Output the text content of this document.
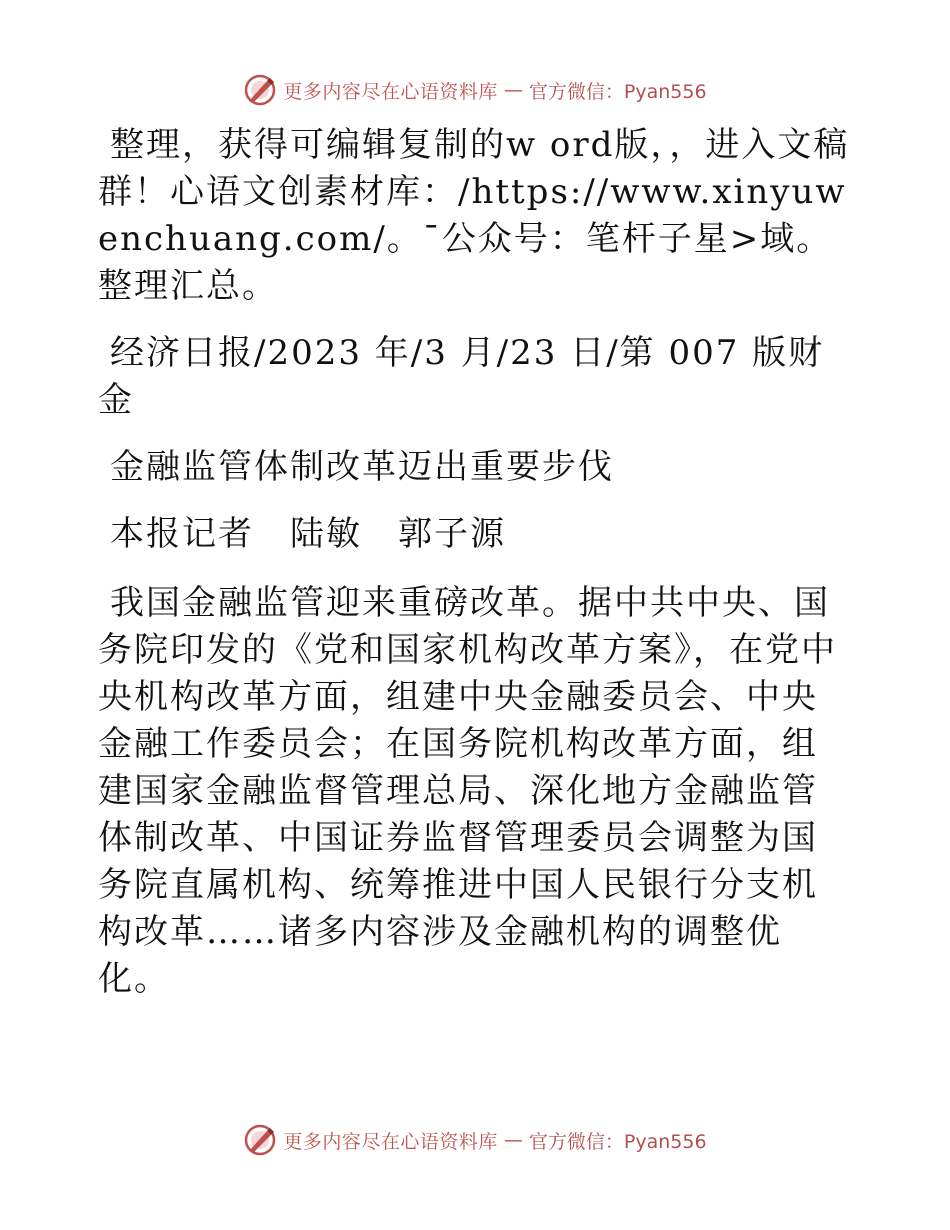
更多内容尽在心语资料库 — 官方微信：Pyan556

整理，获得可编辑复制的w ord版，，进入文稿群！心语文创素材库：/https://www.xinyuwenchuang.com/。¯公众号：笔杆子星>域。整理汇总。

经济日报/2023 年/3 月/23 日/第 007 版财金

金融监管体制改革迈出重要步伐

本报记者　陆敏　郭子源

我国金融监管迎来重磅改革。据中共中央、国务院印发的《党和国家机构改革方案》，在党中央机构改革方面，组建中央金融委员会、中央金融工作委员会；在国务院机构改革方面，组建国家金融监督管理总局、深化地方金融监管体制改革、中国证券监督管理委员会调整为国务院直属机构、统筹推进中国人民银行分支机构改革……诸多内容涉及金融机构的调整优化。

更多内容尽在心语资料库 — 官方微信：Pyan556
